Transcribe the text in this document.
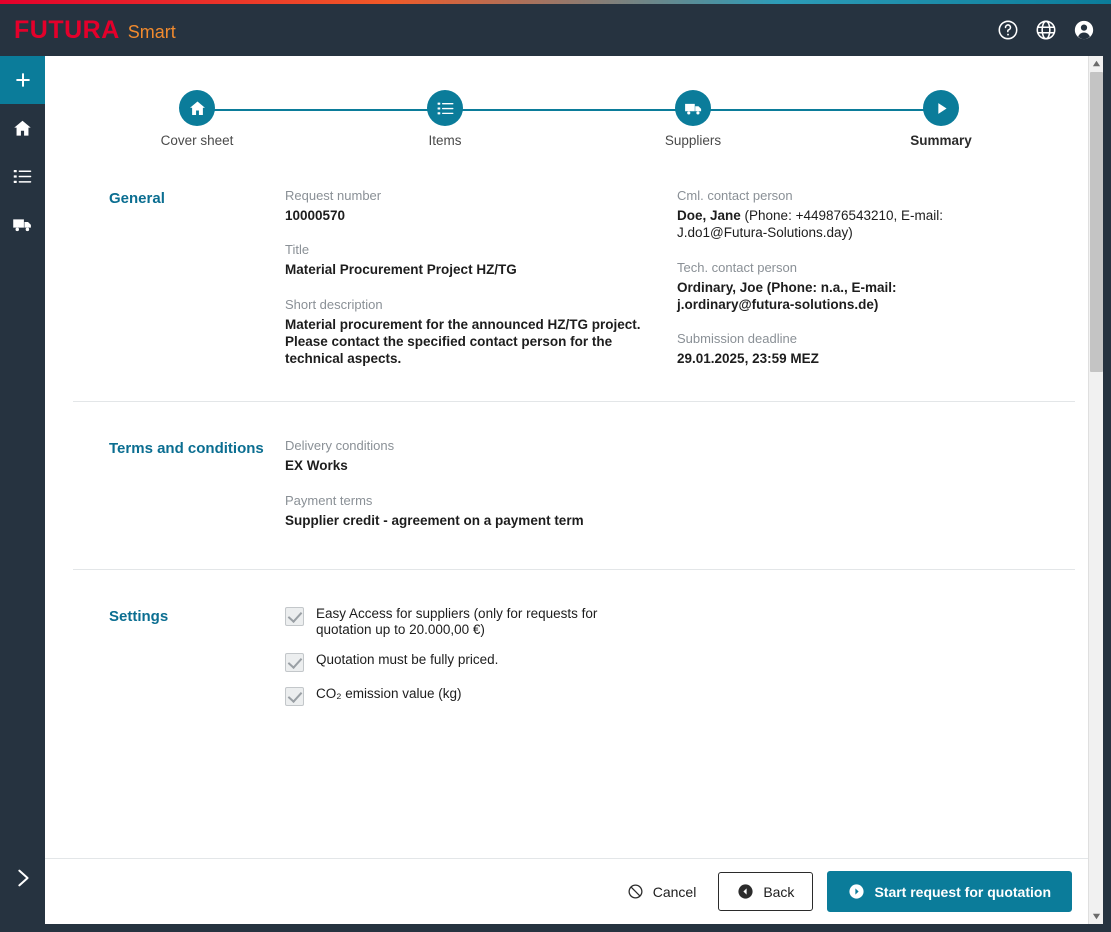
FUTURA Smart
Cover sheet	Items	Suppliers	Summary
General	Request number
10000570
Title
Material Procurement Project HZ/TG
Short description
Material procurement for the announced HZ/TG project. Please contact the specified contact person for the technical aspects.
Cml. contact person
Doe, Jane (Phone: +449876543210, E-mail: J.do1@Futura-Solutions.day)
Tech. contact person
Ordinary, Joe (Phone: n.a., E-mail: j.ordinary@futura-solutions.de)
Submission deadline
29.01.2025, 23:59 MEZ
Terms and conditions	Delivery conditions
EX Works
Payment terms
Supplier credit - agreement on a payment term
Settings	Easy Access for suppliers (only for requests for quotation up to 20.000,00 €)
Quotation must be fully priced.
CO₂ emission value (kg)
Cancel	Back	Start request for quotation
